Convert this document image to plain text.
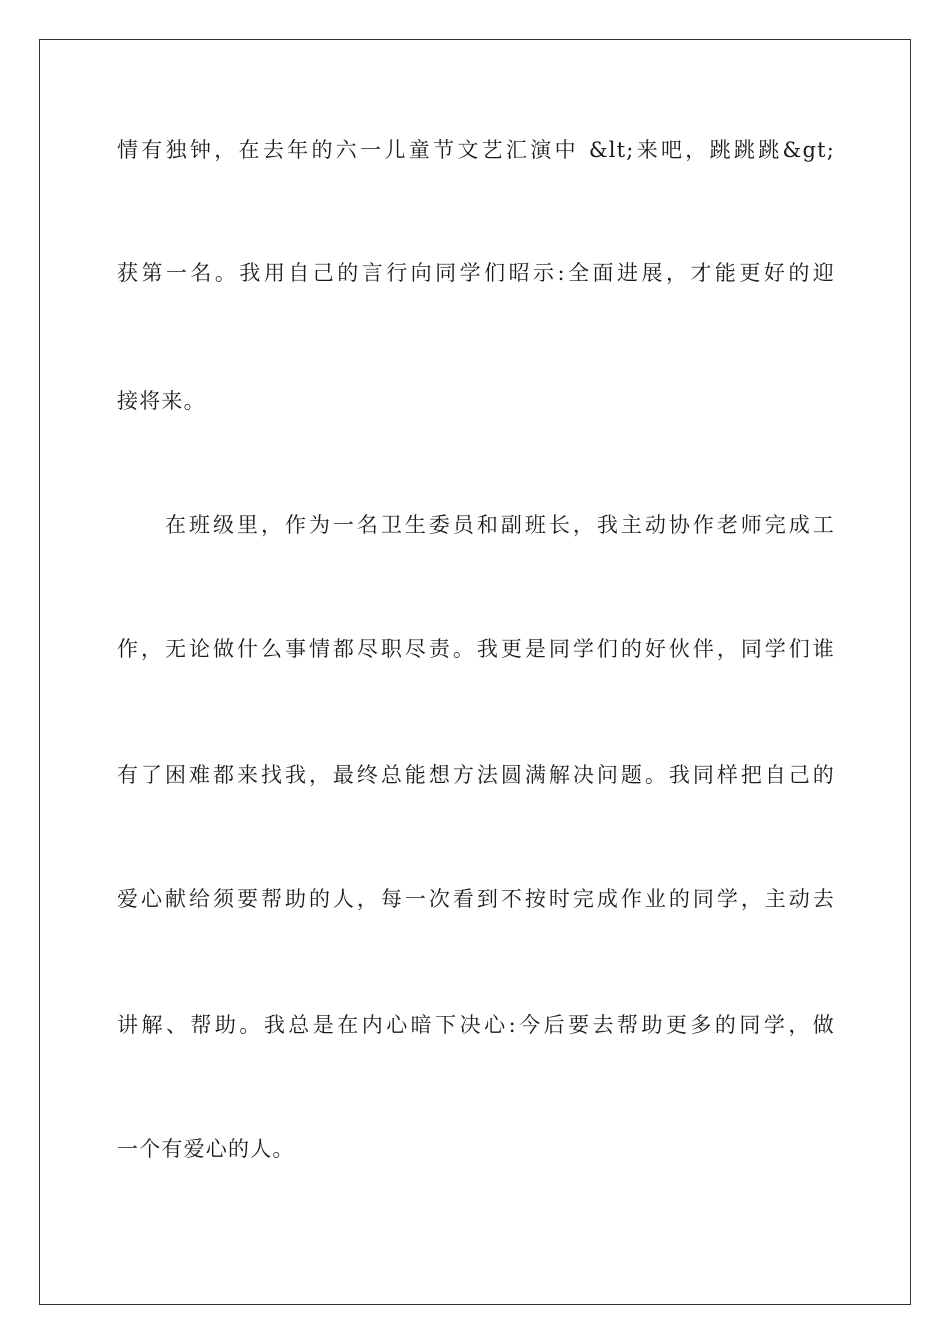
情有独钟，在去年的六一儿童节文艺汇演中 &lt;来吧，跳跳跳&gt;
获第一名。我用自己的言行向同学们昭示:全面进展，才能更好的迎
接将来。
在班级里，作为一名卫生委员和副班长，我主动协作老师完成工
作，无论做什么事情都尽职尽责。我更是同学们的好伙伴，同学们谁
有了困难都来找我，最终总能想方法圆满解决问题。我同样把自己的
爱心献给须要帮助的人，每一次看到不按时完成作业的同学，主动去
讲解、帮助。我总是在内心暗下决心:今后要去帮助更多的同学，做
一个有爱心的人。
